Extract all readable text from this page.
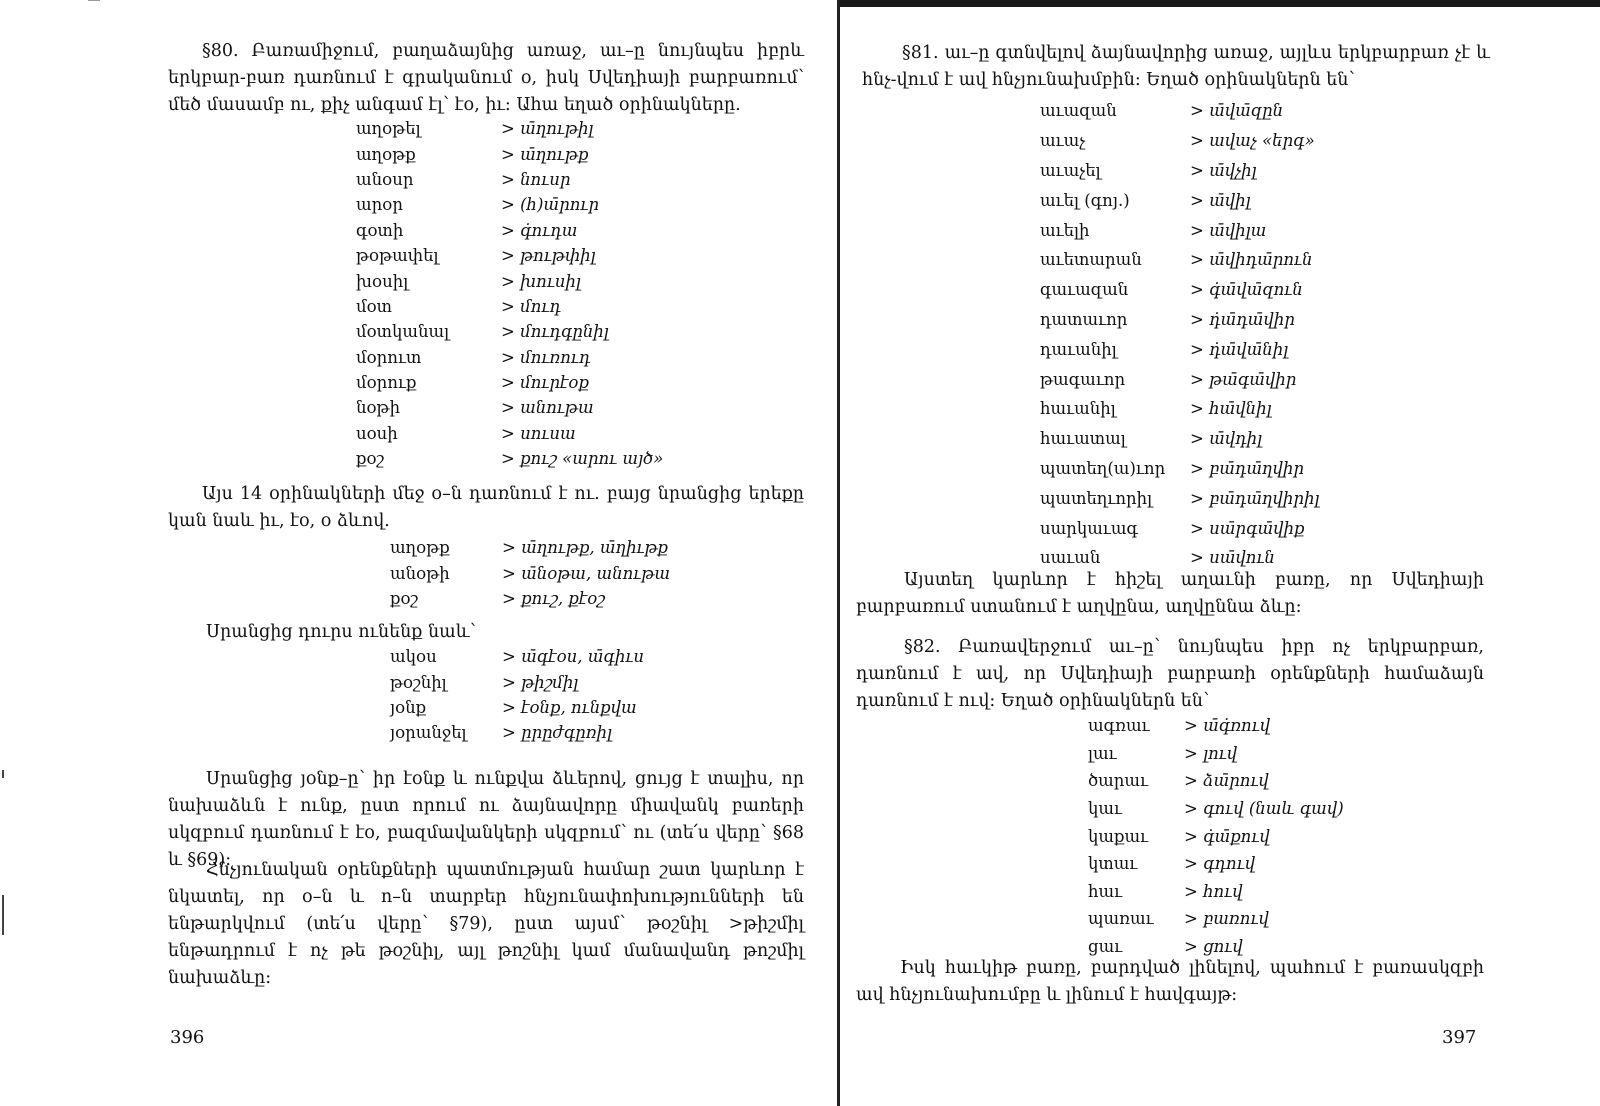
§80. Բառամիջում, բաղաձայնից առաջ, աւ–ը նույնպես իբրև երկբար-բառ դառնում է գրականում օ, իսկ Սվեդիայի բարբառում՝ մեծ մասամբ ու, քիչ անգամ էլ՝ էօ, իւ: Ահա եղած օրինակները.

աղօթել	> ա̄ղութիլ
աղօթք	> ա̄ղութք
անօսր	> նուսր
արօր	> (հ)ա̄րուր
գօտի	> գ̇ուդա
թօթափել	> թութփիլ
խօսիլ	> խուսիլ
մօտ	> մուդ
մօտկանալ	> մուդգընիլ
մօրուտ	> մուռուդ
մօրուք	> մուրէօք
նօթի	> անութա
սօսի	> սուսա
քօշ	> քուշ «արու այծ»

Այս 14 օրինակների մեջ օ–ն դառնում է ու. բայց նրանցից երեքը կան նաև իւ, էօ, օ ձևով.

աղօթք	> ա̄ղութք, ա̄ղիւթք
անօթի	> ա̄նօթա, անութա
քօշ	> քուշ, քէօշ

Սրանցից դուրս ունենք նաև՝

ակօս	> ա̄գէօս, ա̄գիւս
թօշնիլ	> թիշմիլ
յօնք	> էօնք, ունքվա
յօրանջել	> ըրըժգըռիլ

Սրանցից յօնք–ը՝ իր էօնք և ունքվա ձևերով, ցույց է տալիս, որ նախաձևն է ունք, ըստ որում ու ձայնավորը միավանկ բառերի սկզբում դառնում է էօ, բազմավանկերի սկզբում՝ ու (տե՛ս վերը՝ §68 և §69):

Հնչյունական օրենքների պատմության համար շատ կարևոր է նկատել, որ օ–ն և ո–ն տարբեր հնչյունափոխությունների են ենթարկվում (տե՛ս վերը՝ §79), ըստ այսմ՝ թօշնիլ >թիշմիլ ենթադրում է ոչ թե թօշնիլ, այլ թոշնիլ կամ մանավանդ թոշմիլ նախաձևը:

396

§81. աւ–ը գտնվելով ձայնավորից առաջ, այլևս երկբարբառ չէ և հնչ-վում է ավ հնչյունախմբին: Եղած օրինակներն են՝

աւազան	> ա̄վա̄զըն
աւաչ	> ավաչ «երգ»
աւաչել	> ա̄վչիլ
աւել (գոյ.)	> ա̄վիլ
աւելի	> ա̄վիլա
աւետարան	> ա̄վիդա̄րուն
գաւազան	> գ̇ա̄վա̄զուն
դատաւոր	> դ̇ա̄դա̄վիր
դաւանիլ	> դ̇ա̄վա̄նիլ
թագաւոր	> թա̄գա̄վիր
հաւանիլ	> հա̄վնիլ
հաւատալ	> ա̄վդիլ
պատեղ(ա)ւոր	> բա̄դա̄ղվիր
պատեղւորիլ	> բա̄դա̄ղվիրիլ
սարկաւագ	> սա̄րգա̄վիք
սաւան	> սա̄վուն

Այստեղ կարևոր է հիշել աղաւնի բառը, որ Սվեդիայի բարբառում ստանում է աղվընա, աղվըննա ձևը:

§82. Բառավերջում աւ–ը՝ նույնպես իբր ոչ երկբարբառ, դառնում է ավ, որ Սվեդիայի բարբառի օրենքների համաձայն դառնում է ուվ: Եղած օրինակներն են՝

ագռաւ	> ա̄գ̇ռուվ
լաւ	> լուվ
ծարաւ	> ձա̄րուվ
կաւ	> գուվ (նաև գավ)
կաքաւ	> գ̇ա̄քուվ
կտաւ	> գդուվ
հաւ	> հուվ
պառաւ	> բառուվ
ցաւ	> ցուվ

Իսկ հաւկիթ բառը, բարդված լինելով, պահում է բառասկզբի ավ հնչյունախումբը և լինում է հավգայթ:

397
